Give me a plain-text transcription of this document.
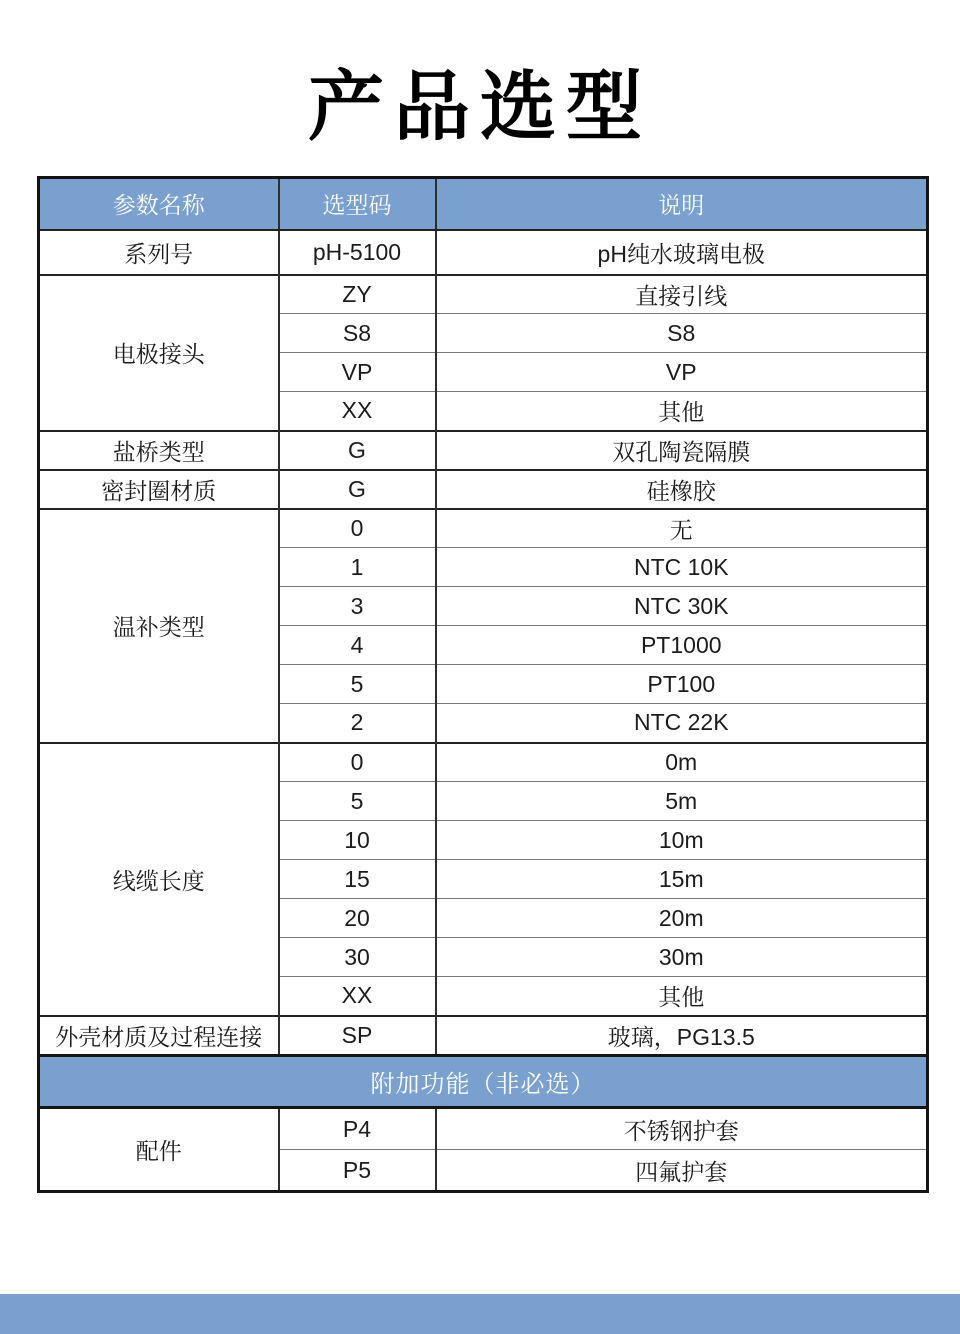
产品选型
参数名称	选型码	说明
系列号	pH-5100	pH纯水玻璃电极
电极接头	ZY	直接引线
	S8	S8
	VP	VP
	XX	其他
盐桥类型	G	双孔陶瓷隔膜
密封圈材质	G	硅橡胶
温补类型	0	无
	1	NTC 10K
	3	NTC 30K
	4	PT1000
	5	PT100
	2	NTC 22K
线缆长度	0	0m
	5	5m
	10	10m
	15	15m
	20	20m
	30	30m
	XX	其他
外壳材质及过程连接	SP	玻璃，PG13.5
附加功能（非必选）		
配件	P4	不锈钢护套
	P5	四氟护套
